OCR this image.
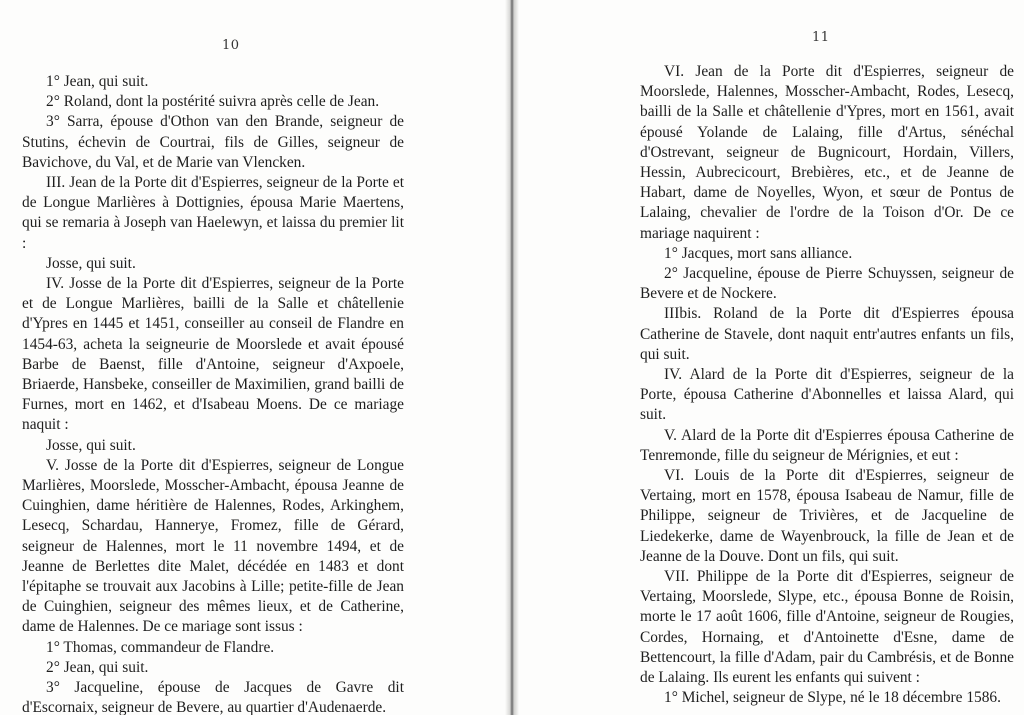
10

1° Jean, qui suit.

2° Roland, dont la postérité suivra après celle de Jean.

3° Sarra, épouse d'Othon van den Brande, seigneur de Stutins, échevin de Courtrai, fils de Gilles, seigneur de Bavichove, du Val, et de Marie van Vlencken.

III. Jean de la Porte dit d'Espierres, seigneur de la Porte et de Longue Marlières à Dottignies, épousa Marie Maertens, qui se remaria à Joseph van Haelewyn, et laissa du premier lit :

Josse, qui suit.

IV. Josse de la Porte dit d'Espierres, seigneur de la Porte et de Longue Marlières, bailli de la Salle et châtellenie d'Ypres en 1445 et 1451, conseiller au conseil de Flandre en 1454-63, acheta la seigneurie de Moorslede et avait épousé Barbe de Baenst, fille d'Antoine, seigneur d'Axpoele, Briaerde, Hansbeke, conseiller de Maximilien, grand bailli de Furnes, mort en 1462, et d'Isabeau Moens. De ce mariage naquit :

Josse, qui suit.

V. Josse de la Porte dit d'Espierres, seigneur de Longue Marlières, Moorslede, Mosscher-Ambacht, épousa Jeanne de Cuinghien, dame héritière de Halennes, Rodes, Arkinghem, Lesecq, Schardau, Hannerye, Fromez, fille de Gérard, seigneur de Halennes, mort le 11 novembre 1494, et de Jeanne de Berlettes dite Malet, décédée en 1483 et dont l'épitaphe se trouvait aux Jacobins à Lille; petite-fille de Jean de Cuinghien, seigneur des mêmes lieux, et de Catherine, dame de Halennes. De ce mariage sont issus :

1° Thomas, commandeur de Flandre.

2° Jean, qui suit.

3° Jacqueline, épouse de Jacques de Gavre dit d'Escornaix, seigneur de Bevere, au quartier d'Audenaerde.

11

VI. Jean de la Porte dit d'Espierres, seigneur de Moorslede, Halennes, Mosscher-Ambacht, Rodes, Lesecq, bailli de la Salle et châtellenie d'Ypres, mort en 1561, avait épousé Yolande de Lalaing, fille d'Artus, sénéchal d'Ostrevant, seigneur de Bugnicourt, Hordain, Villers, Hessin, Aubrecicourt, Brebières, etc., et de Jeanne de Habart, dame de Noyelles, Wyon, et sœur de Pontus de Lalaing, chevalier de l'ordre de la Toison d'Or. De ce mariage naquirent :

1° Jacques, mort sans alliance.

2° Jacqueline, épouse de Pierre Schuyssen, seigneur de Bevere et de Nockere.

IIIbis. Roland de la Porte dit d'Espierres épousa Catherine de Stavele, dont naquit entr'autres enfants un fils, qui suit.

IV. Alard de la Porte dit d'Espierres, seigneur de la Porte, épousa Catherine d'Abonnelles et laissa Alard, qui suit.

V. Alard de la Porte dit d'Espierres épousa Catherine de Tenremonde, fille du seigneur de Mérignies, et eut :

VI. Louis de la Porte dit d'Espierres, seigneur de Vertaing, mort en 1578, épousa Isabeau de Namur, fille de Philippe, seigneur de Trivières, et de Jacqueline de Liedekerke, dame de Wayenbrouck, la fille de Jean et de Jeanne de la Douve. Dont un fils, qui suit.

VII. Philippe de la Porte dit d'Espierres, seigneur de Vertaing, Moorslede, Slype, etc., épousa Bonne de Roisin, morte le 17 août 1606, fille d'Antoine, seigneur de Rougies, Cordes, Hornaing, et d'Antoinette d'Esne, dame de Bettencourt, la fille d'Adam, pair du Cambrésis, et de Bonne de Lalaing. Ils eurent les enfants qui suivent :

1° Michel, seigneur de Slype, né le 18 décembre 1586.
